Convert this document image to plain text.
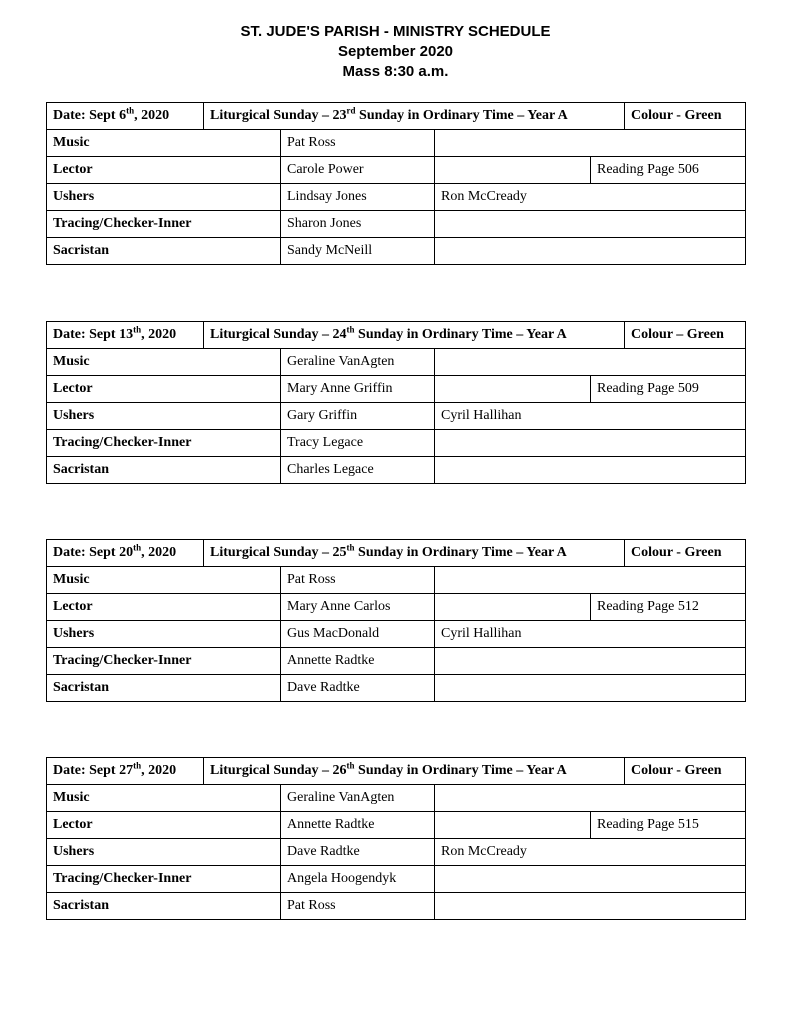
ST. JUDE'S PARISH - MINISTRY SCHEDULE
September 2020
Mass 8:30 a.m.
Date: Sept 6th, 2020	Liturgical Sunday – 23rd Sunday in Ordinary Time – Year A				Colour - Green
Music		Pat Ross			
Lector		Carole Power		Reading Page 506	
Ushers		Lindsay Jones	Ron McCready		
Tracing/Checker-Inner		Sharon Jones			
Sacristan		Sandy McNeill			
Date: Sept 13th, 2020	Liturgical Sunday – 24th Sunday in Ordinary Time – Year A				Colour – Green
Music		Geraline VanAgten			
Lector		Mary Anne Griffin		Reading Page 509	
Ushers		Gary Griffin	Cyril Hallihan		
Tracing/Checker-Inner		Tracy Legace			
Sacristan		Charles Legace			
Date: Sept 20th, 2020	Liturgical Sunday – 25th Sunday in Ordinary Time – Year A				Colour - Green
Music		Pat Ross			
Lector		Mary Anne Carlos		Reading Page 512	
Ushers		Gus MacDonald	Cyril Hallihan		
Tracing/Checker-Inner		Annette Radtke			
Sacristan		Dave Radtke			
Date: Sept 27th, 2020	Liturgical Sunday – 26th Sunday in Ordinary Time – Year A				Colour - Green
Music		Geraline VanAgten			
Lector		Annette Radtke		Reading Page 515	
Ushers		Dave Radtke	Ron McCready		
Tracing/Checker-Inner		Angela Hoogendyk			
Sacristan		Pat Ross			
